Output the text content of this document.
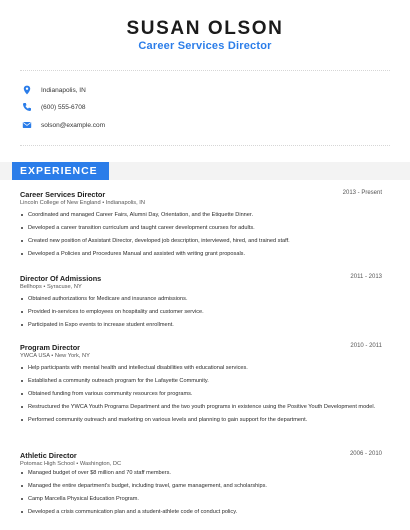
SUSAN OLSON
Career Services Director
Indianapolis, IN
(600) 555-6708
solson@example.com
EXPERIENCE
Career Services Director	2013 - Present
Lincoln College of New England • Indianapolis, IN
Coordinated and managed Career Fairs, Alumni Day, Orientation, and the Etiquette Dinner.
Developed a career transition curriculum and taught career development courses for adults.
Created new position of Assistant Director, developed job description, interviewed, hired, and trained staff.
Developed a Policies and Procedures Manual and assisted with writing grant proposals.
Director Of Admissions	2011 - 2013
Bellhops • Syracuse, NY
Obtained authorizations for Medicare and insurance admissions.
Provided in-services to employees on hospitality and customer service.
Participated in Expo events to increase student enrollment.
Program Director	2010 - 2011
YWCA USA • New York, NY
Help participants with mental health and intellectual disabilities with educational services.
Established a community outreach program for the Lafayette Community.
Obtained funding from various community resources for programs.
Restructured the YWCA Youth Programs Department and the two youth programs in existence using the Positive Youth Development model.
Performed community outreach and marketing on various levels and planning to gain support for the department.
Athletic Director	2006 - 2010
Potomac High School • Washington, DC
Managed budget of over $8 million and 70 staff members.
Managed the entire department's budget, including travel, game management, and scholarships.
Camp Marcella Physical Education Program.
Developed a crisis communication plan and a student-athlete code of conduct policy.
